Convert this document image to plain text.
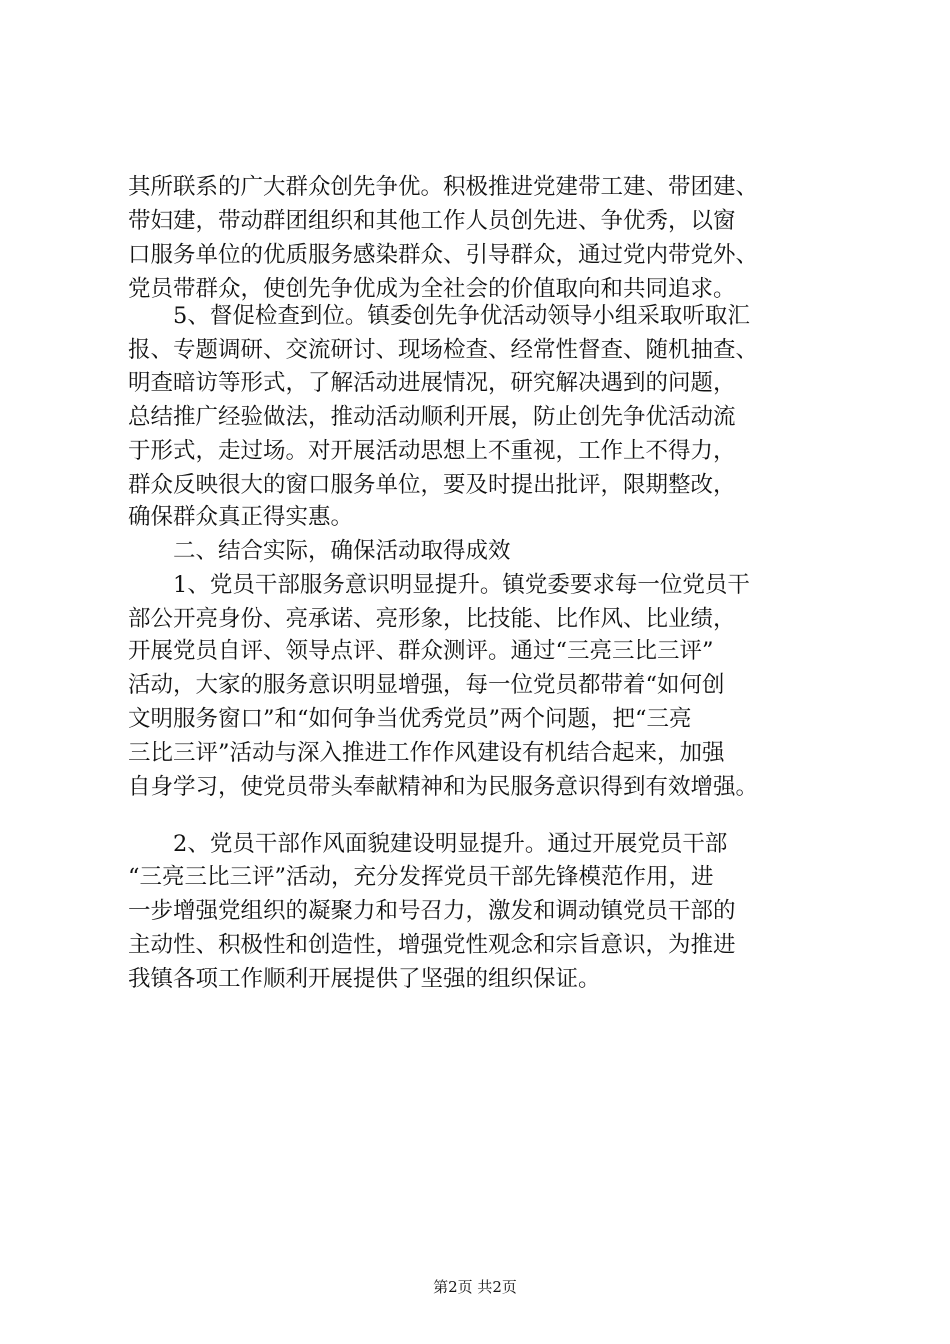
其所联系的广大群众创先争优。积极推进党建带工建、带团建、
带妇建，带动群团组织和其他工作人员创先进、争优秀，以窗
口服务单位的优质服务感染群众、引导群众，通过党内带党外、
党员带群众，使创先争优成为全社会的价值取向和共同追求。
　　5、督促检查到位。镇委创先争优活动领导小组采取听取汇
报、专题调研、交流研讨、现场检查、经常性督查、随机抽查、
明查暗访等形式，了解活动进展情况，研究解决遇到的问题，
总结推广经验做法，推动活动顺利开展，防止创先争优活动流
于形式，走过场。对开展活动思想上不重视，工作上不得力，
群众反映很大的窗口服务单位，要及时提出批评，限期整改，
确保群众真正得实惠。
　　二、结合实际，确保活动取得成效
　　1、党员干部服务意识明显提升。镇党委要求每一位党员干
部公开亮身份、亮承诺、亮形象，比技能、比作风、比业绩，
开展党员自评、领导点评、群众测评。通过“三亮三比三评”
活动，大家的服务意识明显增强，每一位党员都带着“如何创
文明服务窗口”和“如何争当优秀党员”两个问题，把“三亮
三比三评”活动与深入推进工作作风建设有机结合起来，加强
自身学习，使党员带头奉献精神和为民服务意识得到有效增强。
　　2、党员干部作风面貌建设明显提升。通过开展党员干部
“三亮三比三评”活动，充分发挥党员干部先锋模范作用，进
一步增强党组织的凝聚力和号召力，激发和调动镇党员干部的
主动性、积极性和创造性，增强党性观念和宗旨意识，为推进
我镇各项工作顺利开展提供了坚强的组织保证。
第2页 共2页
